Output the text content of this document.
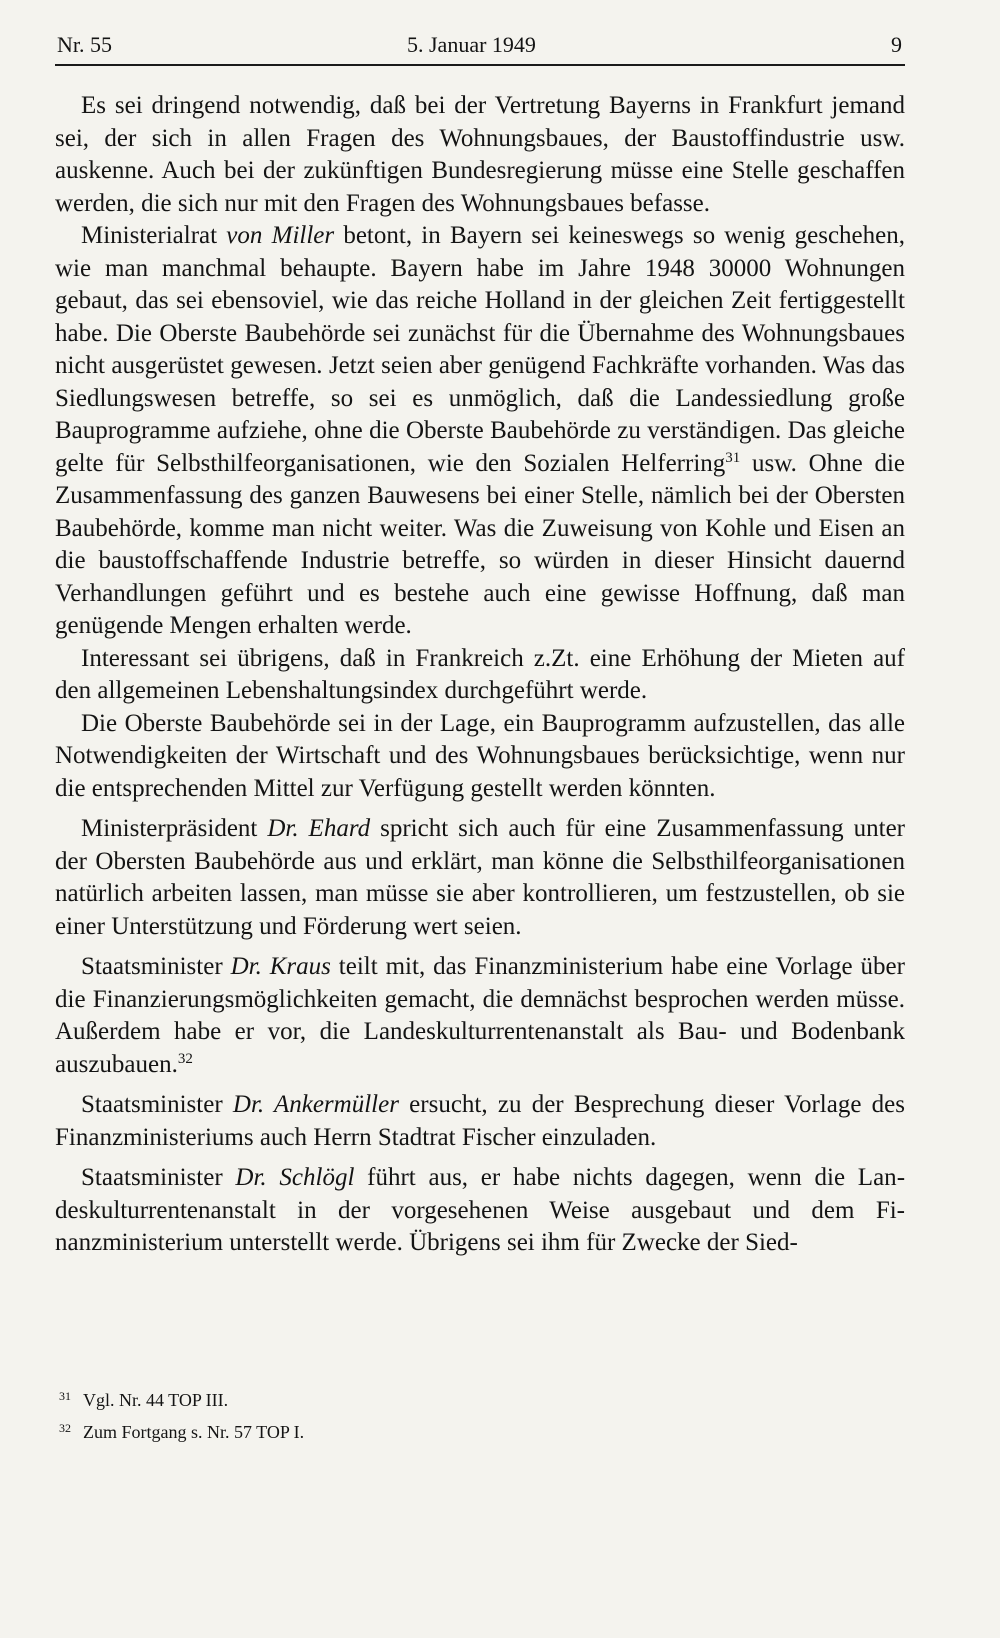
Nr. 55	5. Januar 1949	9

Es sei dringend notwendig, daß bei der Vertretung Bayerns in Frankfurt jemand sei, der sich in allen Fragen des Wohnungsbaues, der Baustoffindustrie usw. auskenne. Auch bei der zukünftigen Bundesregierung müsse eine Stelle geschaffen werden, die sich nur mit den Fragen des Wohnungsbaues befasse.

Ministerialrat von Miller betont, in Bayern sei keineswegs so wenig geschehen, wie man manchmal behaupte. Bayern habe im Jahre 1948 30000 Wohnungen gebaut, das sei ebensoviel, wie das reiche Holland in der gleichen Zeit fertiggestellt habe. Die Oberste Baubehörde sei zunächst für die Übernahme des Wohnungsbaues nicht ausgerüstet gewesen. Jetzt seien aber genügend Fachkräfte vorhanden. Was das Siedlungswesen betreffe, so sei es unmöglich, daß die Landessiedlung große Bauprogramme aufziehe, ohne die Oberste Baubehörde zu verständigen. Das gleiche gelte für Selbsthilfeorganisationen, wie den Sozialen Helferring$^{31}$ usw. Ohne die Zusammenfassung des ganzen Bauwesens bei einer Stelle, nämlich bei der Obersten Baubehörde, komme man nicht weiter. Was die Zuweisung von Kohle und Eisen an die baustoffschaffende Industrie betreffe, so würden in dieser Hinsicht dauernd Verhandlungen geführt und es bestehe auch eine gewisse Hoffnung, daß man genügende Mengen erhalten werde.

Interessant sei übrigens, daß in Frankreich z.Zt. eine Erhöhung der Mieten auf den allgemeinen Lebenshaltungsindex durchgeführt werde.

Die Oberste Baubehörde sei in der Lage, ein Bauprogramm aufzustellen, das alle Notwendigkeiten der Wirtschaft und des Wohnungsbaues berücksichtige, wenn nur die entsprechenden Mittel zur Verfügung gestellt werden könnten.

Ministerpräsident Dr. Ehard spricht sich auch für eine Zusammenfassung unter der Obersten Baubehörde aus und erklärt, man könne die Selbsthilfeorganisationen natürlich arbeiten lassen, man müsse sie aber kontrollieren, um festzustellen, ob sie einer Unterstützung und Förderung wert seien.

Staatsminister Dr. Kraus teilt mit, das Finanzministerium habe eine Vorlage über die Finanzierungsmöglichkeiten gemacht, die demnächst besprochen werden müsse. Außerdem habe er vor, die Landeskulturrentenanstalt als Bau- und Bodenbank auszubauen.$^{32}$

Staatsminister Dr. Ankermüller ersucht, zu der Besprechung dieser Vorlage des Finanzministeriums auch Herrn Stadtrat Fischer einzuladen.

Staatsminister Dr. Schlögl führt aus, er habe nichts dagegen, wenn die Landeskulturrentenanstalt in der vorgesehenen Weise ausgebaut und dem Finanzministerium unterstellt werde. Übrigens sei ihm für Zwecke der Sied-

$^{31}$ Vgl. Nr. 44 TOP III.

$^{32}$ Zum Fortgang s. Nr. 57 TOP I.
